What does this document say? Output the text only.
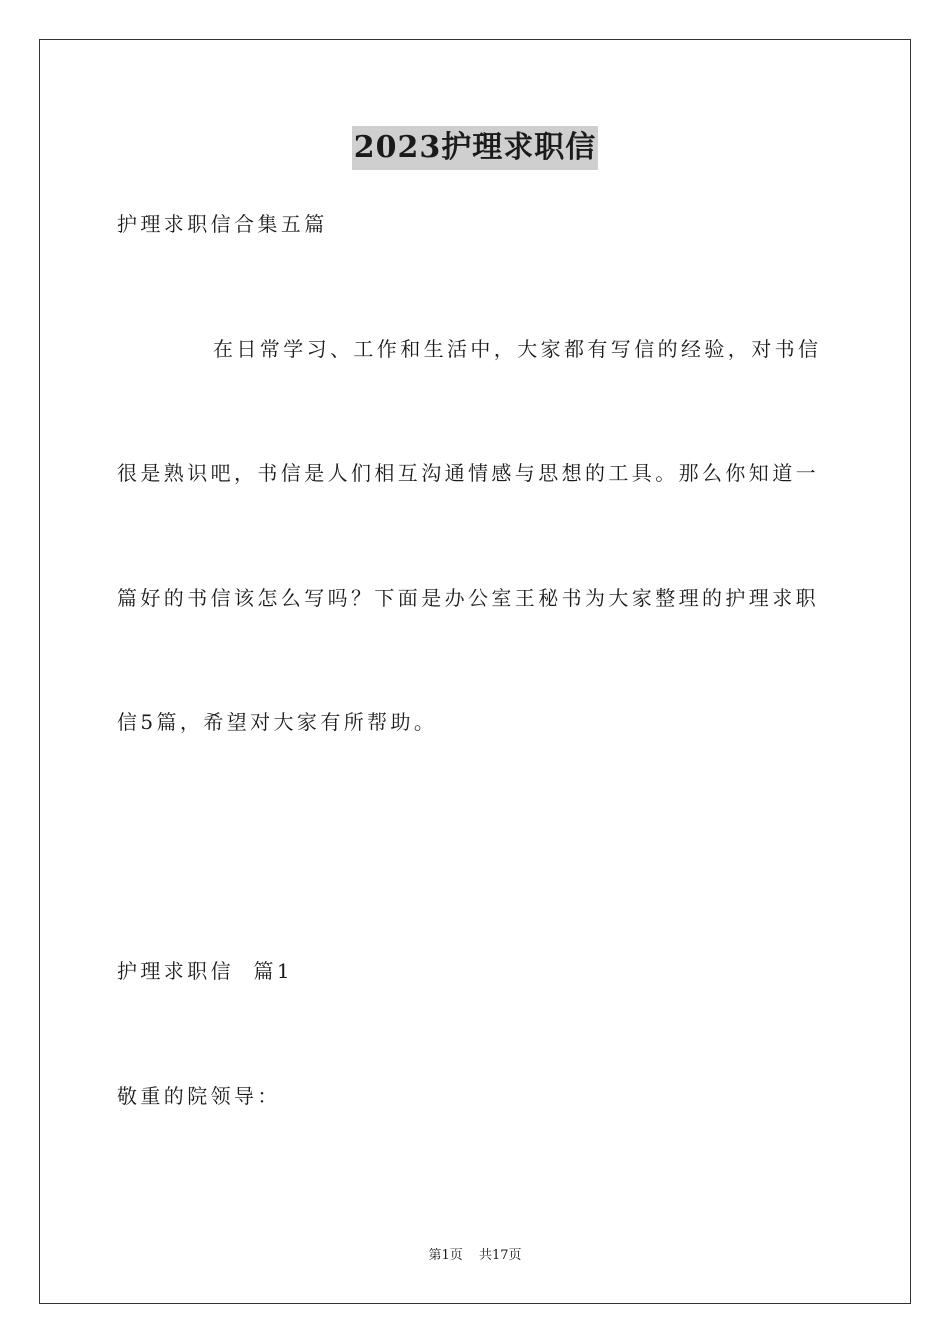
2023护理求职信
护理求职信合集五篇
在日常学习、工作和生活中，大家都有写信的经验，对书信
很是熟识吧，书信是人们相互沟通情感与思想的工具。那么你知道一
篇好的书信该怎么写吗？下面是办公室王秘书为大家整理的护理求职
信5篇，希望对大家有所帮助。
护理求职信  篇1
敬重的院领导：
第1页 共17页
